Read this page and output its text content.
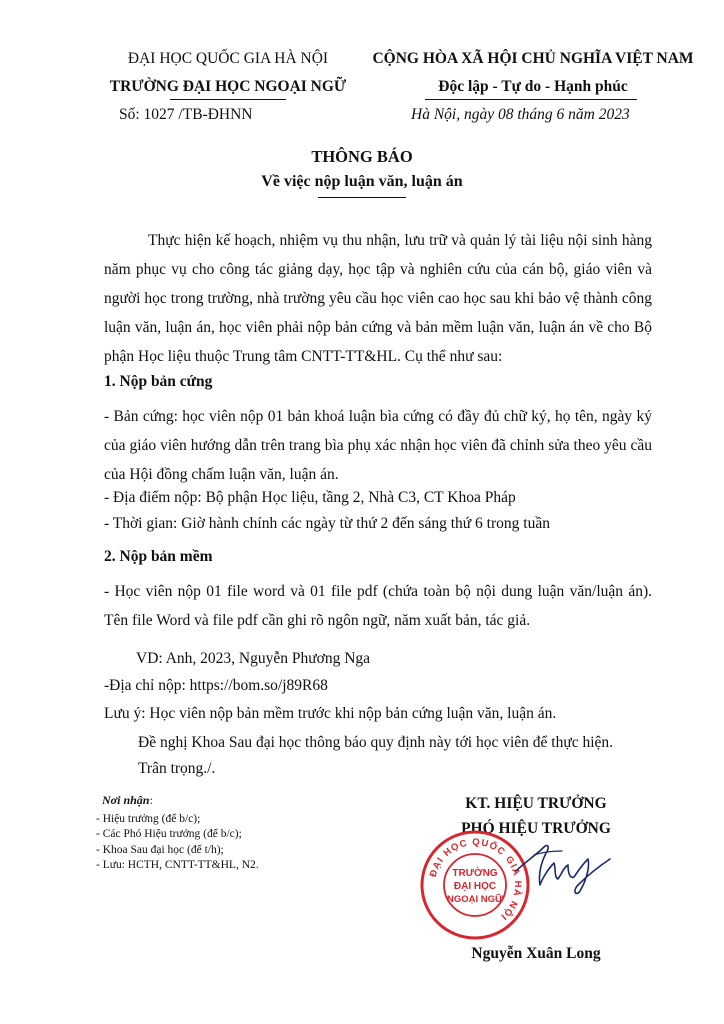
ĐẠI HỌC QUỐC GIA HÀ NỘI
TRƯỜNG ĐẠI HỌC NGOẠI NGỮ
Số: 1027 /TB-ĐHNN
CỘNG HÒA XÃ HỘI CHỦ NGHĨA VIỆT NAM
Độc lập - Tự do - Hạnh phúc
Hà Nội, ngày 08 tháng 6 năm 2023
THÔNG BÁO
Về việc nộp luận văn, luận án
Thực hiện kế hoạch, nhiệm vụ thu nhận, lưu trữ và quản lý tài liệu nội sinh hàng năm phục vụ cho công tác giảng dạy, học tập và nghiên cứu của cán bộ, giáo viên và người học trong trường, nhà trường yêu cầu học viên cao học sau khi bảo vệ thành công luận văn, luận án, học viên phải nộp bản cứng và bản mềm luận văn, luận án về cho Bộ phận Học liệu thuộc Trung tâm CNTT-TT&HL. Cụ thể như sau:
1. Nộp bản cứng
- Bản cứng: học viên nộp 01 bản khoá luận bìa cứng có đầy đủ chữ ký, họ tên, ngày ký của giáo viên hướng dẫn trên trang bìa phụ xác nhận học viên đã chỉnh sửa theo yêu cầu của Hội đồng chấm luận văn, luận án.
- Địa điểm nộp: Bộ phận Học liệu, tầng 2, Nhà C3, CT Khoa Pháp
- Thời gian: Giờ hành chính các ngày từ thứ 2 đến sáng thứ 6 trong tuần
2. Nộp bản mềm
- Học viên nộp 01 file word và 01 file pdf (chứa toàn bộ nội dung luận văn/luận án). Tên file Word và file pdf cần ghi rõ ngôn ngữ, năm xuất bản, tác giả.
VD: Anh, 2023, Nguyễn Phương Nga
-Địa chỉ nộp: https://bom.so/j89R68
Lưu ý: Học viên nộp bản mềm trước khi nộp bản cứng luận văn, luận án.
Đề nghị Khoa Sau đại học thông báo quy định này tới học viên để thực hiện.
Trân trọng./.
Nơi nhận:
- Hiệu trưởng (để b/c);
- Các Phó Hiệu trưởng (để b/c);
- Khoa Sau đại học (để t/h);
- Lưu: HCTH, CNTT-TT&HL, N2.
KT. HIỆU TRƯỞNG
PHÓ HIỆU TRƯỞNG
ĐẠI HỌC QUỐC GIA HÀ NỘI
TRƯỜNG
ĐẠI HỌC
NGOẠI NGỮ
Nguyễn Xuân Long
